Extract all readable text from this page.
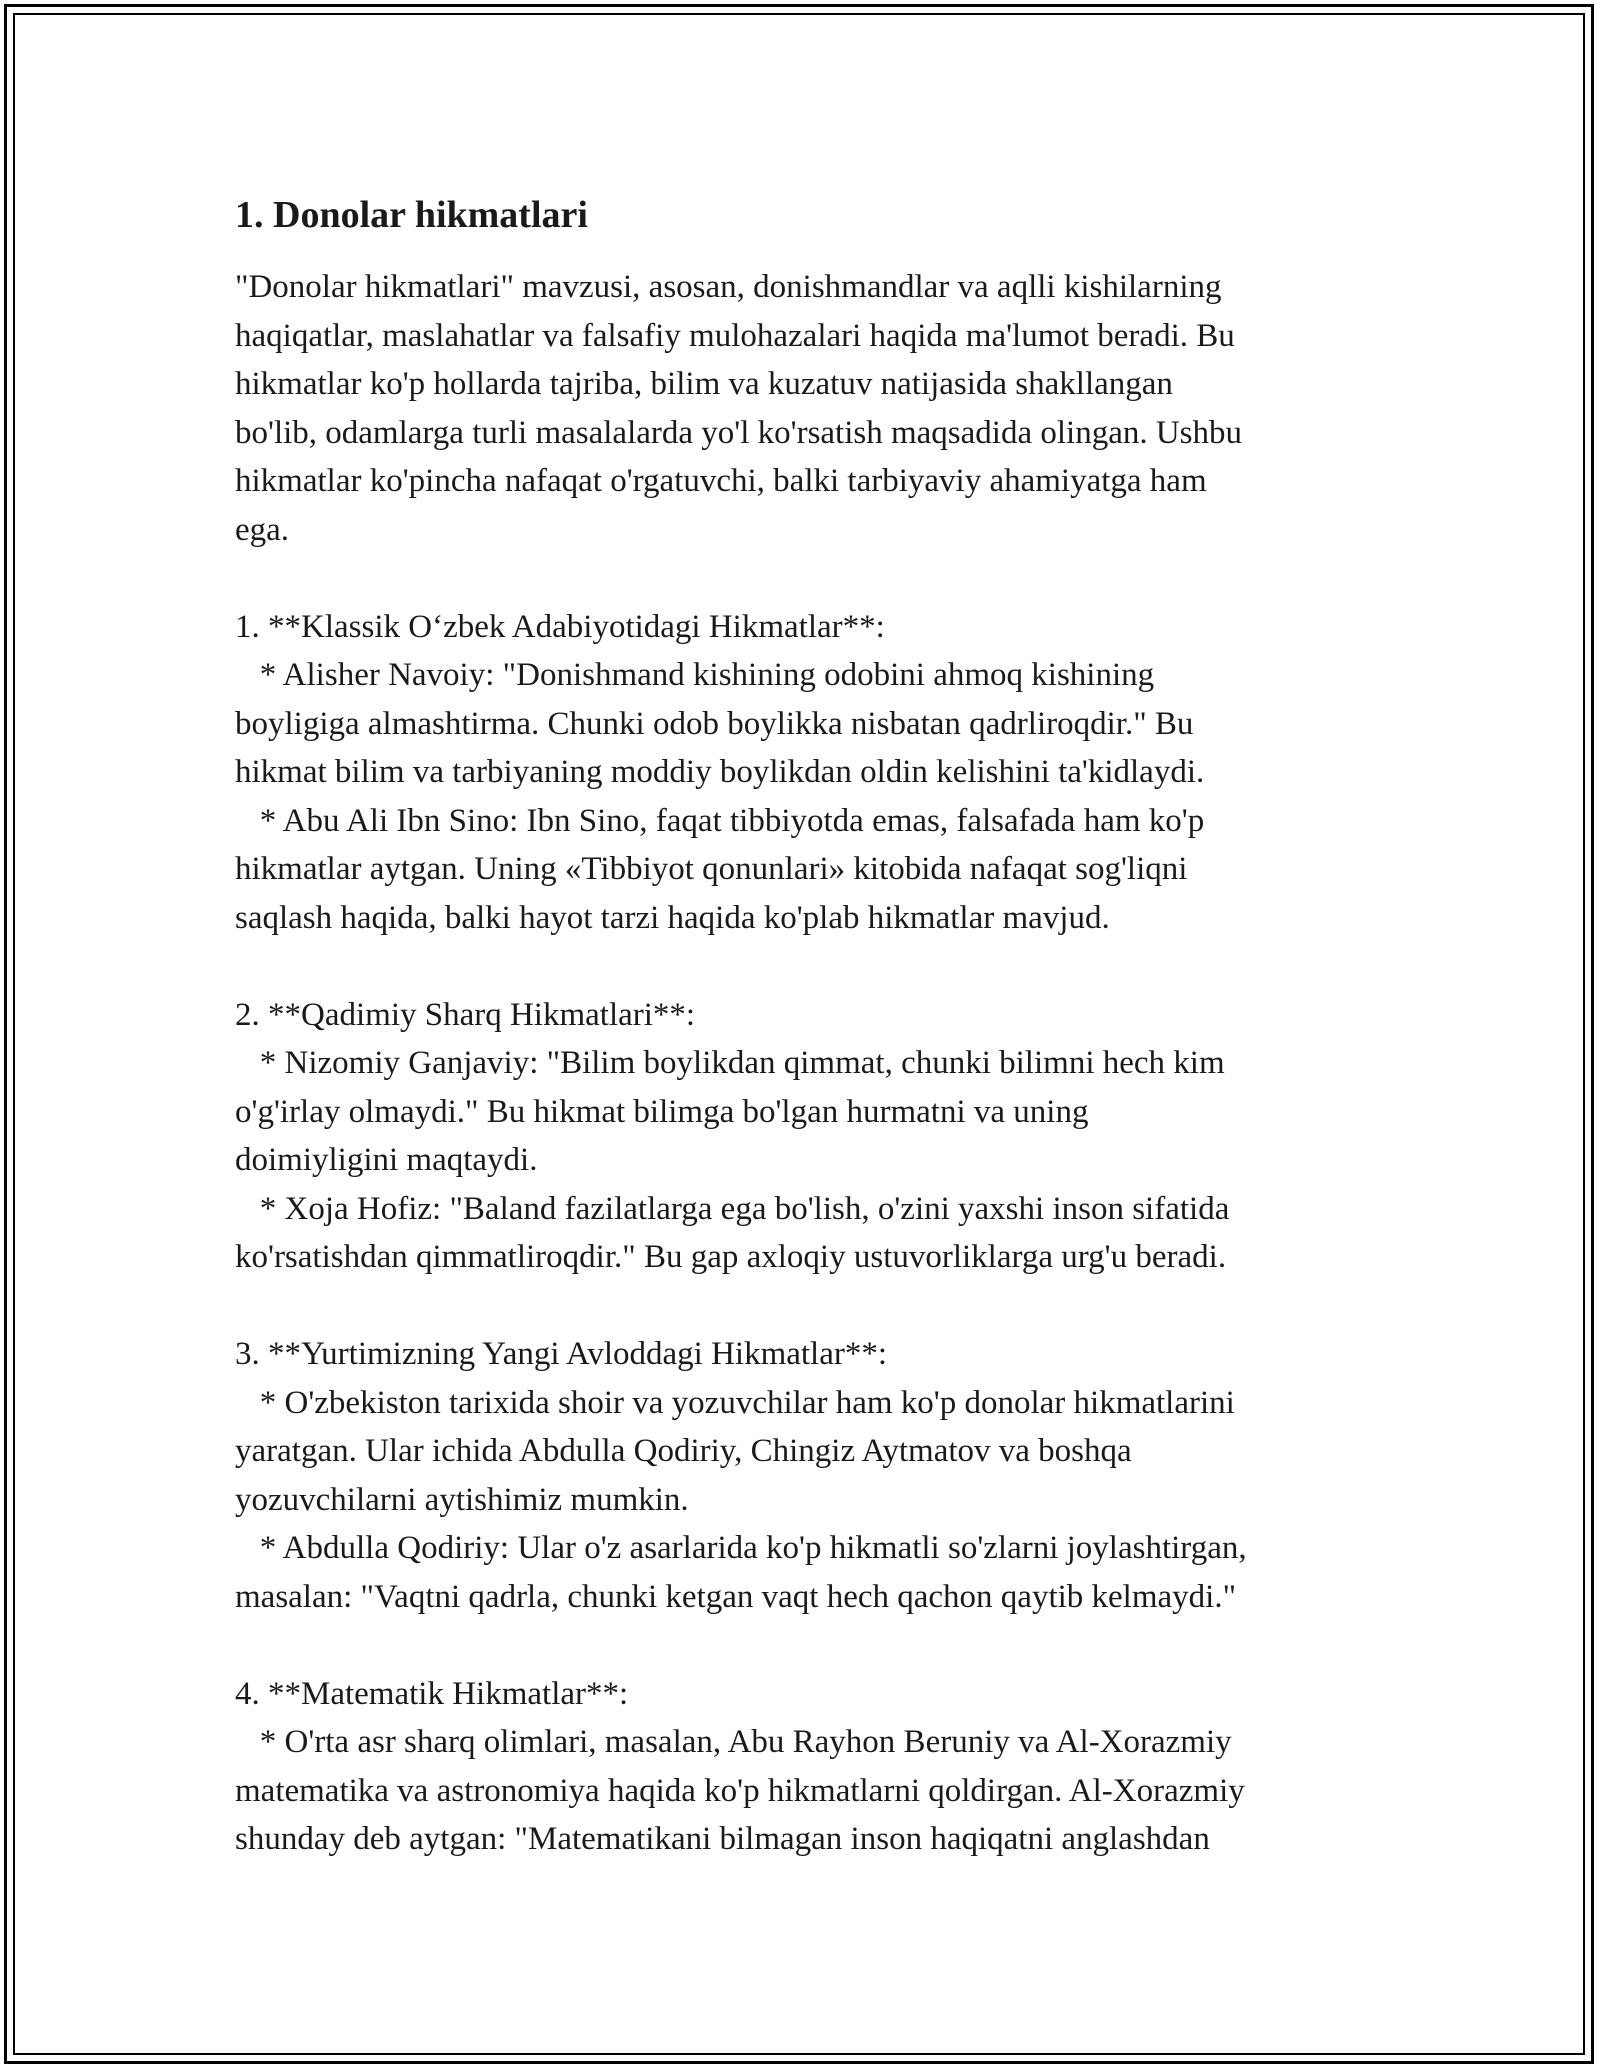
1. Donolar hikmatlari
"Donolar hikmatlari" mavzusi, asosan, donishmandlar va aqlli kishilarning
haqiqatlar, maslahatlar va falsafiy mulohazalari haqida ma'lumot beradi. Bu
hikmatlar ko'p hollarda tajriba, bilim va kuzatuv natijasida shakllangan
bo'lib, odamlarga turli masalalarda yo'l ko'rsatish maqsadida olingan. Ushbu
hikmatlar ko'pincha nafaqat o'rgatuvchi, balki tarbiyaviy ahamiyatga ham
ega.
1. **Klassik O‘zbek Adabiyotidagi Hikmatlar**:
* Alisher Navoiy: "Donishmand kishining odobini ahmoq kishining
boyligiga almashtirma. Chunki odob boylikka nisbatan qadrliroqdir." Bu
hikmat bilim va tarbiyaning moddiy boylikdan oldin kelishini ta'kidlaydi.
* Abu Ali Ibn Sino: Ibn Sino, faqat tibbiyotda emas, falsafada ham ko'p
hikmatlar aytgan. Uning «Tibbiyot qonunlari» kitobida nafaqat sog'liqni
saqlash haqida, balki hayot tarzi haqida ko'plab hikmatlar mavjud.
2. **Qadimiy Sharq Hikmatlari**:
* Nizomiy Ganjaviy: "Bilim boylikdan qimmat, chunki bilimni hech kim
o'g'irlay olmaydi." Bu hikmat bilimga bo'lgan hurmatni va uning
doimiyligini maqtaydi.
* Xoja Hofiz: "Baland fazilatlarga ega bo'lish, o'zini yaxshi inson sifatida
ko'rsatishdan qimmatliroqdir." Bu gap axloqiy ustuvorliklarga urg'u beradi.
3. **Yurtimizning Yangi Avloddagi Hikmatlar**:
* O'zbekiston tarixida shoir va yozuvchilar ham ko'p donolar hikmatlarini
yaratgan. Ular ichida Abdulla Qodiriy, Chingiz Aytmatov va boshqa
yozuvchilarni aytishimiz mumkin.
* Abdulla Qodiriy: Ular o'z asarlarida ko'p hikmatli so'zlarni joylashtirgan,
masalan: "Vaqtni qadrla, chunki ketgan vaqt hech qachon qaytib kelmaydi."
4. **Matematik Hikmatlar**:
* O'rta asr sharq olimlari, masalan, Abu Rayhon Beruniy va Al-Xorazmiy
matematika va astronomiya haqida ko'p hikmatlarni qoldirgan. Al-Xorazmiy
shunday deb aytgan: "Matematikani bilmagan inson haqiqatni anglashdan
